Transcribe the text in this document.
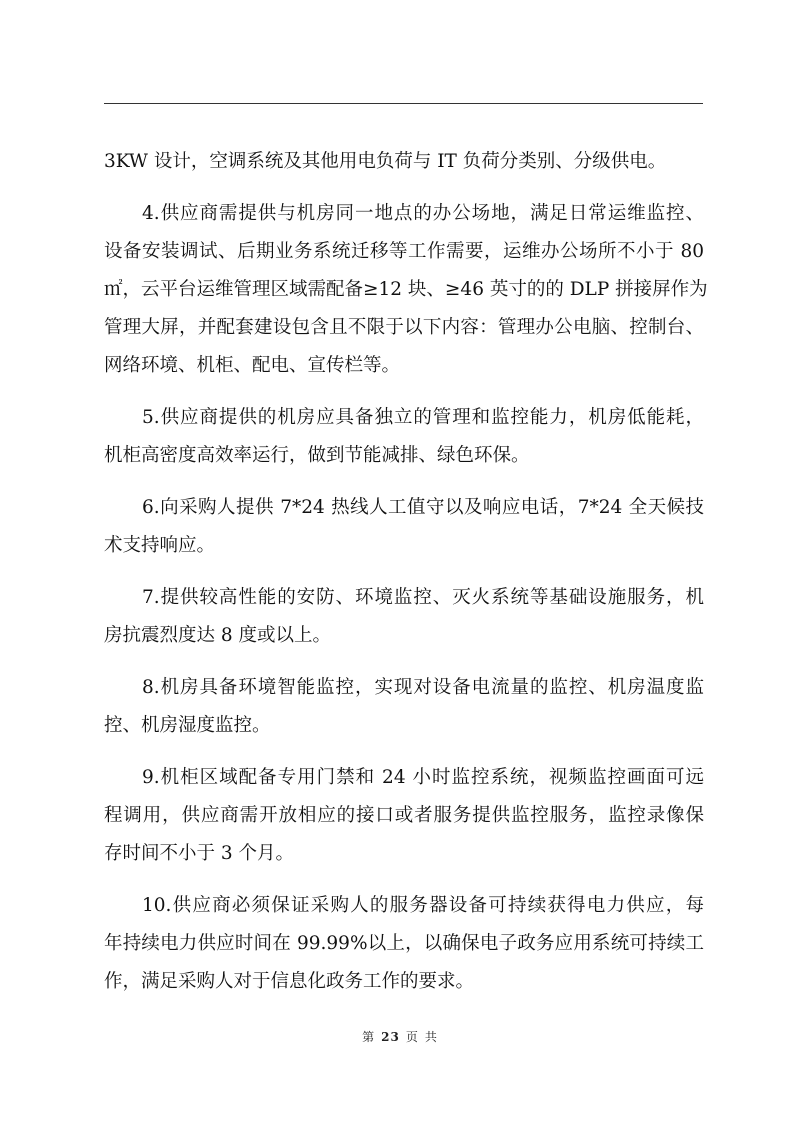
3KW 设计，空调系统及其他用电负荷与 IT 负荷分类别、分级供电。
4.供应商需提供与机房同一地点的办公场地，满足日常运维监控、
设备安装调试、后期业务系统迁移等工作需要，运维办公场所不小于 80
㎡，云平台运维管理区域需配备≥12 块、≥46 英寸的的 DLP 拼接屏作为
管理大屏，并配套建设包含且不限于以下内容：管理办公电脑、控制台、
网络环境、机柜、配电、宣传栏等。
5.供应商提供的机房应具备独立的管理和监控能力，机房低能耗，
机柜高密度高效率运行，做到节能减排、绿色环保。
6.向采购人提供 7*24 热线人工值守以及响应电话，7*24 全天候技
术支持响应。
7.提供较高性能的安防、环境监控、灭火系统等基础设施服务，机
房抗震烈度达 8 度或以上。
8.机房具备环境智能监控，实现对设备电流量的监控、机房温度监
控、机房湿度监控。
9.机柜区域配备专用门禁和 24 小时监控系统，视频监控画面可远
程调用，供应商需开放相应的接口或者服务提供监控服务，监控录像保
存时间不小于 3 个月。
10.供应商必须保证采购人的服务器设备可持续获得电力供应，每
年持续电力供应时间在 99.99%以上，以确保电子政务应用系统可持续工
作，满足采购人对于信息化政务工作的要求。
第 23 页 共
